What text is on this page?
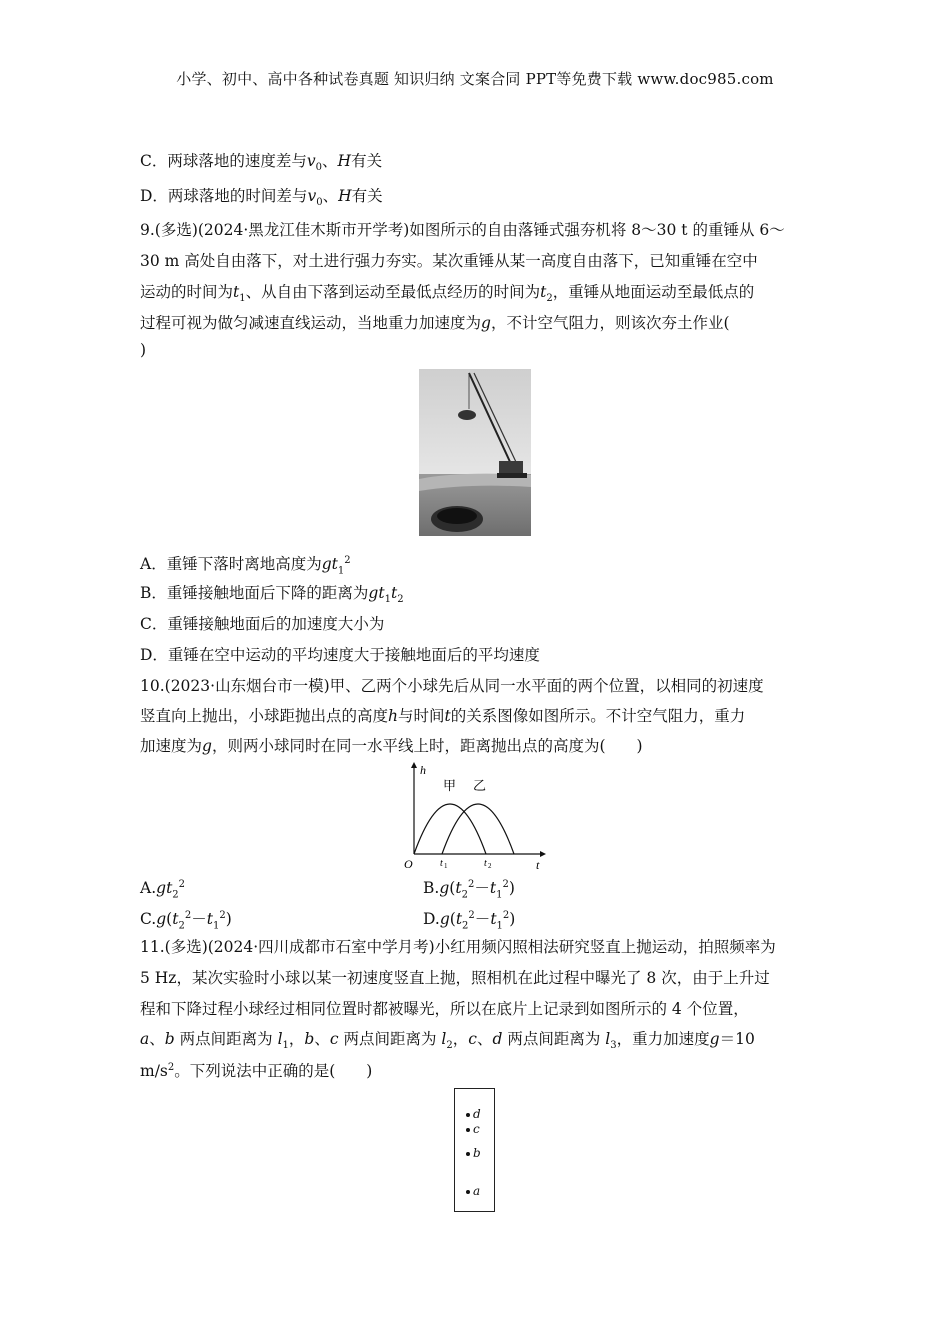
小学、初中、高中各种试卷真题 知识归纳 文案合同 PPT等免费下载 www.doc985.com
C．两球落地的速度差与$v_0$、H有关
D．两球落地的时间差与$v_0$、H有关
9.(多选)(2024·黑龙江佳木斯市开学考)如图所示的自由落锤式强夯机将 8～30 t 的重锤从 6～
30 m 高处自由落下，对土进行强力夯实。某次重锤从某一高度自由落下，已知重锤在空中
运动的时间为$t_1$、从自由下落到运动至最低点经历的时间为$t_2$，重锤从地面运动至最低点的
过程可视为做匀减速直线运动，当地重力加速度为g，不计空气阻力，则该次夯土作业(
)
A．重锤下落时离地高度为$gt_1^2$
B．重锤接触地面后下降的距离为$gt_1t_2$
C．重锤接触地面后的加速度大小为
D．重锤在空中运动的平均速度大于接触地面后的平均速度
10.(2023·山东烟台市一模)甲、乙两个小球先后从同一水平面的两个位置，以相同的初速度
竖直向上抛出，小球距抛出点的高度h与时间t的关系图像如图所示。不计空气阻力，重力
加速度为g，则两小球同时在同一水平线上时，距离抛出点的高度为(　　)
h
t
O
甲 乙
t 1	t 2
$A.gt_2^2$	$B.g(t_2^2-t_1^2)$
$C.g(t_2^2-t_1^2)$	$D.g(t_2^2-t_1^2)$
11.(多选)(2024·四川成都市石室中学月考)小红用频闪照相法研究竖直上抛运动，拍照频率为
5 Hz，某次实验时小球以某一初速度竖直上抛，照相机在此过程中曝光了 8 次，由于上升过
程和下降过程小球经过相同位置时都被曝光，所以在底片上记录到如图所示的 4 个位置，
a、b 两点间距离为 $l_1$，b、c 两点间距离为 $l_2$，c、d 两点间距离为 $l_3$，重力加速度g＝10
$m/s^2$。下列说法中正确的是(　　)
d
c
b
a
